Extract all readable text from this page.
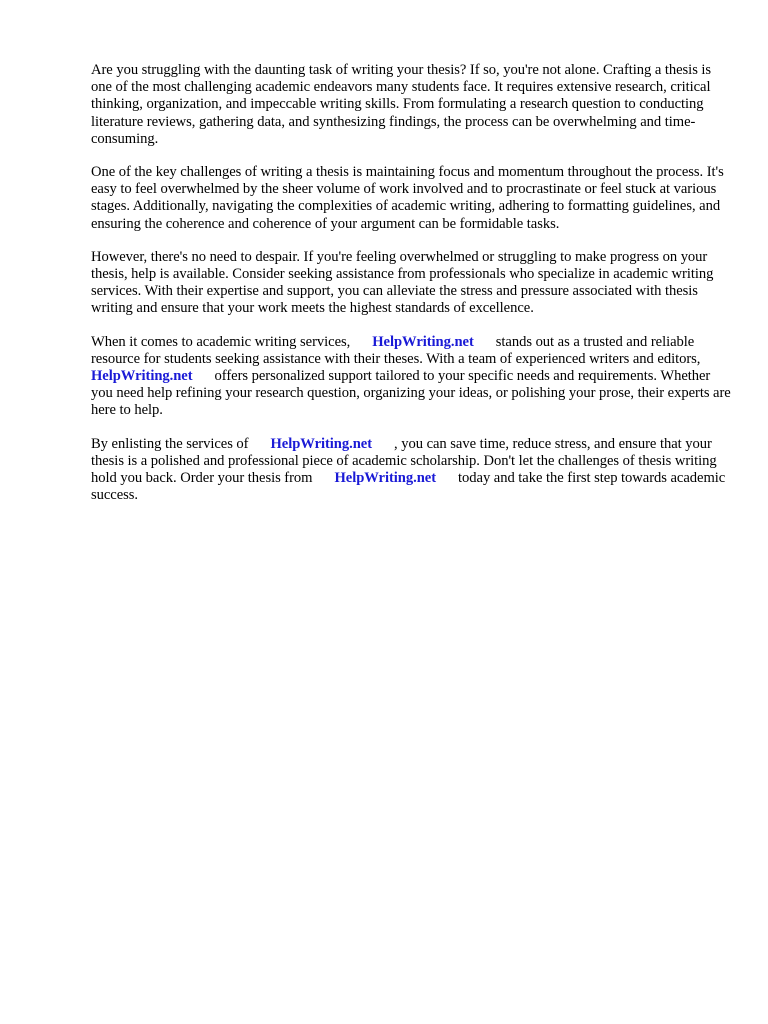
Are you struggling with the daunting task of writing your thesis? If so, you're not alone. Crafting a thesis is one of the most challenging academic endeavors many students face. It requires extensive research, critical thinking, organization, and impeccable writing skills. From formulating a research question to conducting literature reviews, gathering data, and synthesizing findings, the process can be overwhelming and time-consuming.

One of the key challenges of writing a thesis is maintaining focus and momentum throughout the process. It's easy to feel overwhelmed by the sheer volume of work involved and to procrastinate or feel stuck at various stages. Additionally, navigating the complexities of academic writing, adhering to formatting guidelines, and ensuring the coherence and coherence of your argument can be formidable tasks.

However, there's no need to despair. If you're feeling overwhelmed or struggling to make progress on your thesis, help is available. Consider seeking assistance from professionals who specialize in academic writing services. With their expertise and support, you can alleviate the stress and pressure associated with thesis writing and ensure that your work meets the highest standards of excellence.

When it comes to academic writing services, HelpWriting.net stands out as a trusted and reliable resource for students seeking assistance with their theses. With a team of experienced writers and editors,HelpWriting.net offers personalized support tailored to your specific needs and requirements. Whether you need help refining your research question, organizing your ideas, or polishing your prose, their experts are here to help.

By enlisting the services of HelpWriting.net , you can save time, reduce stress, and ensure that your thesis is a polished and professional piece of academic scholarship. Don't let the challenges of thesis writing hold you back. Order your thesis from HelpWriting.net today and take the first step towards academic success.
